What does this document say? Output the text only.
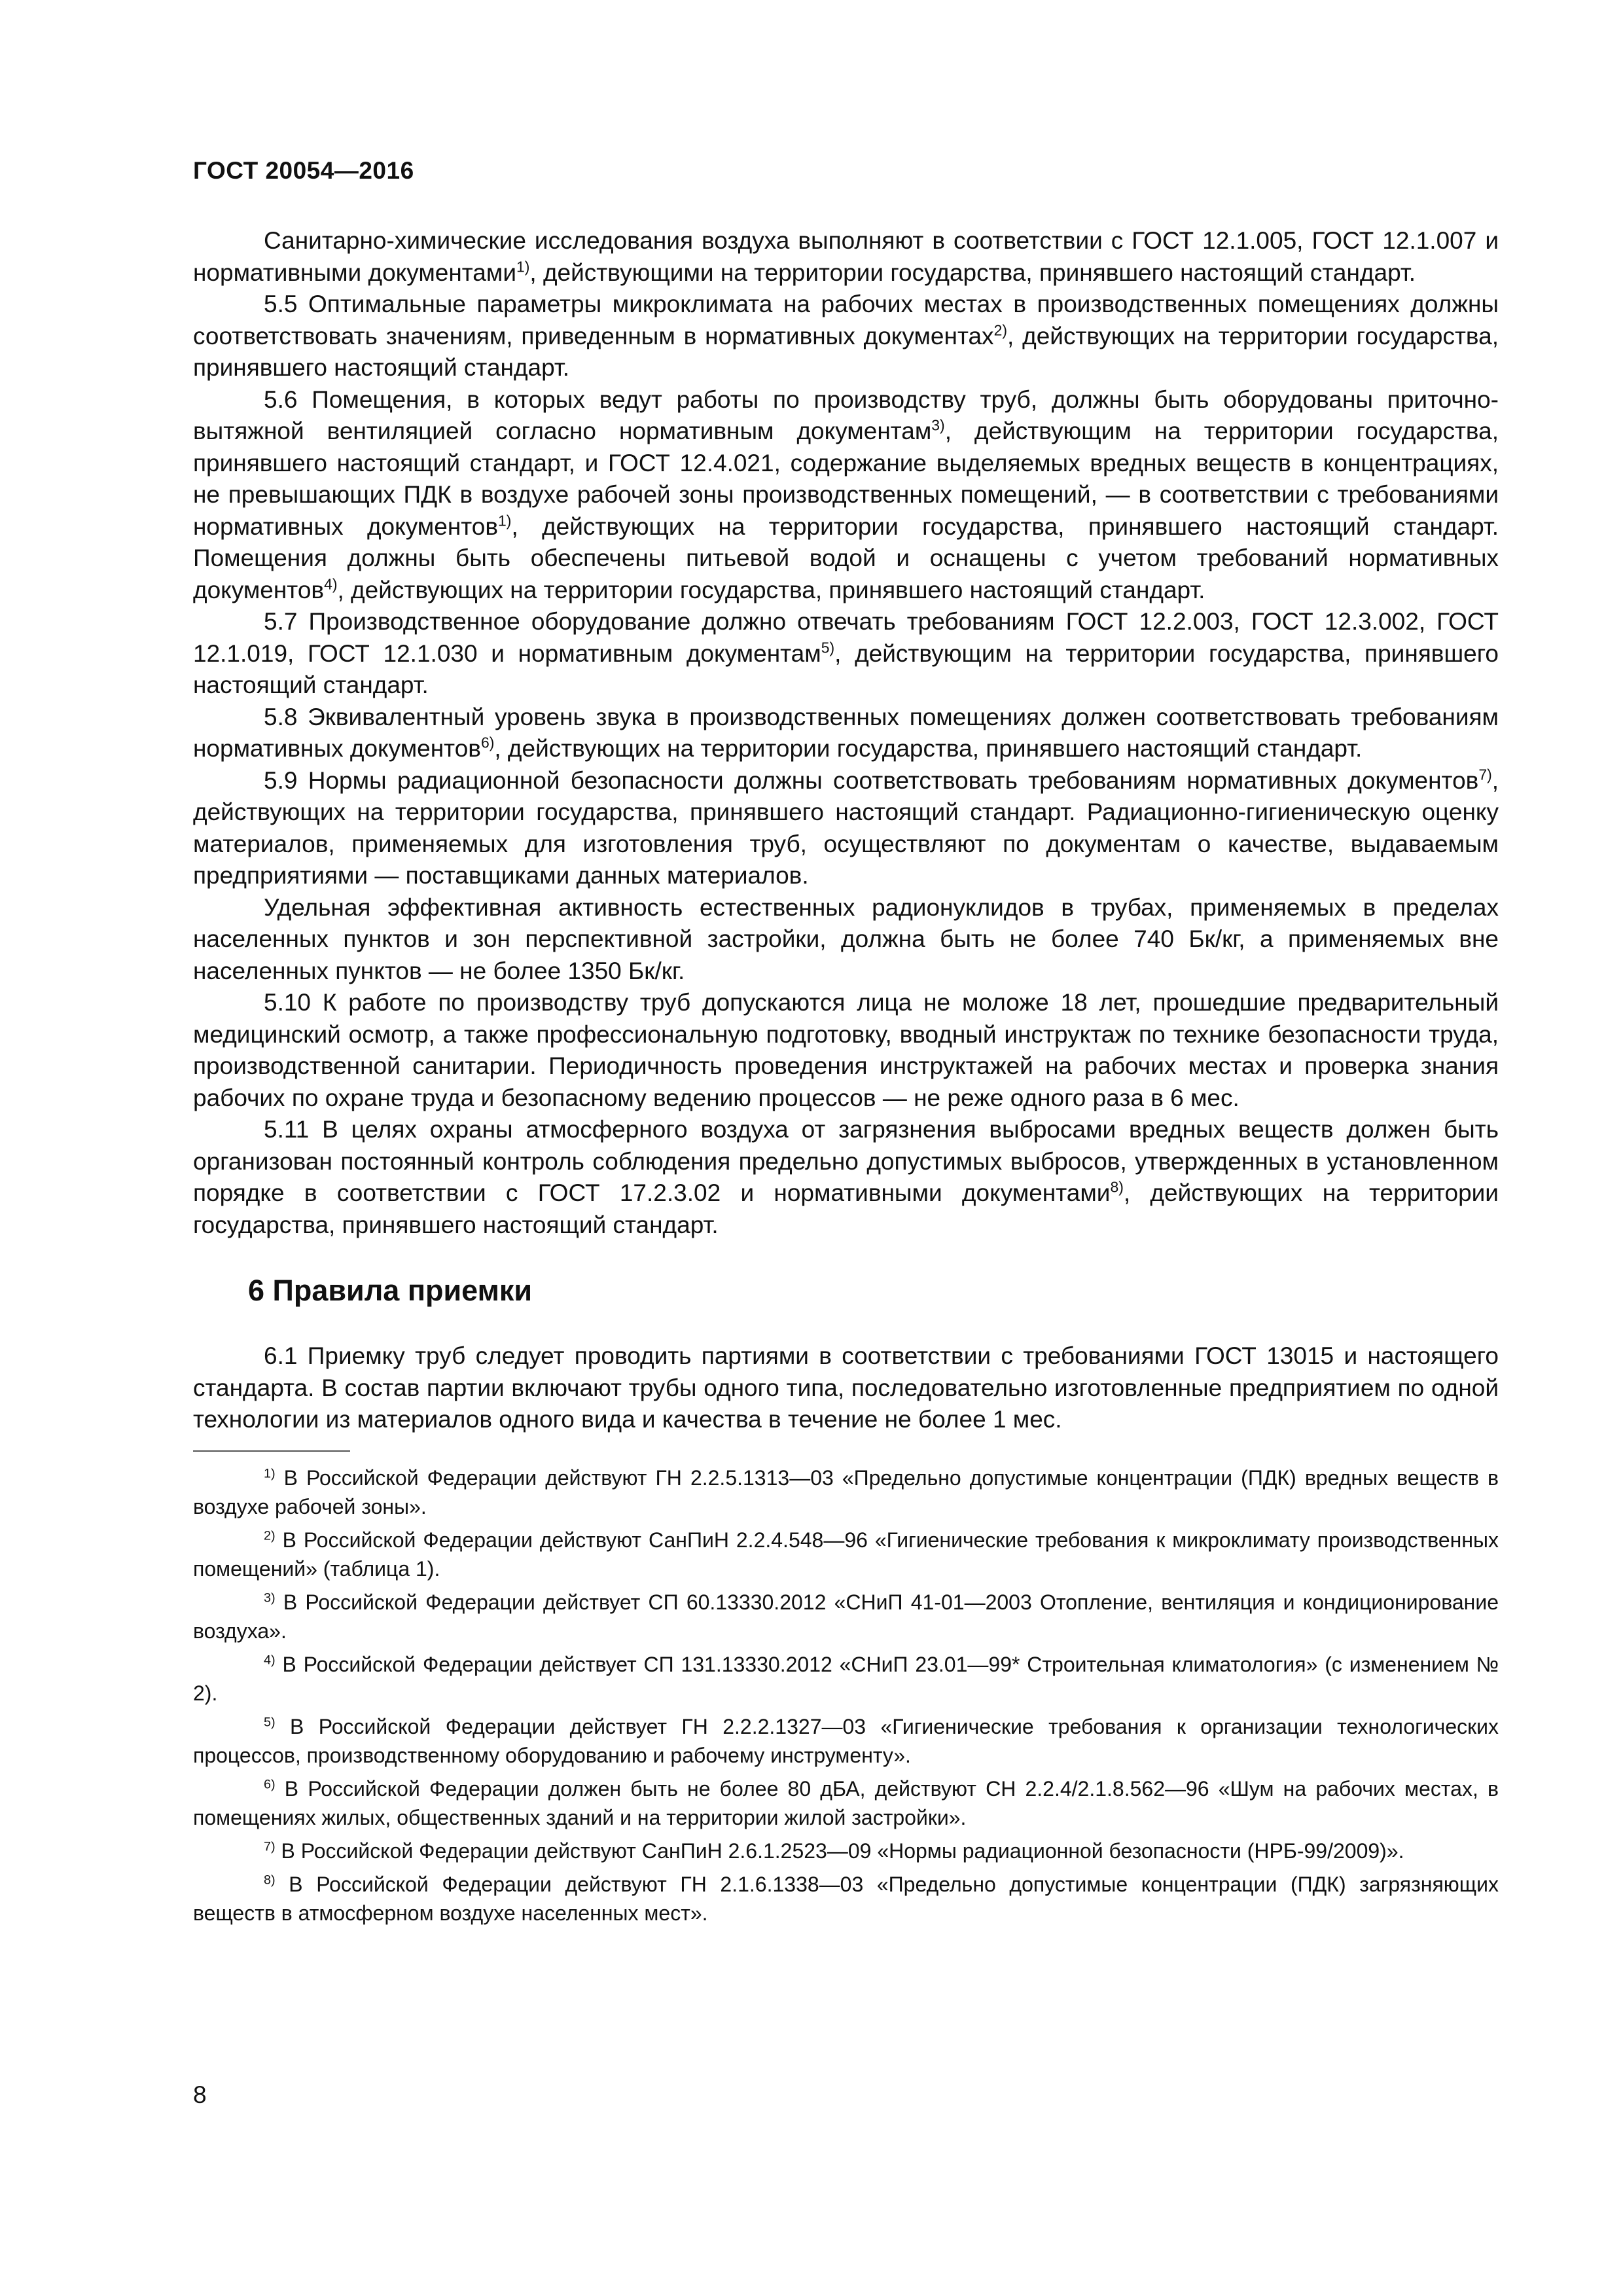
ГОСТ 20054—2016

Санитарно-химические исследования воздуха выполняют в соответствии с ГОСТ 12.1.005, ГОСТ 12.1.007 и нормативными документами$^{1)}$, действующими на территории государства, принявшего настоящий стандарт.

5.5 Оптимальные параметры микроклимата на рабочих местах в производственных помещениях должны соответствовать значениям, приведенным в нормативных документах$^{2)}$, действующих на территории государства, принявшего настоящий стандарт.

5.6 Помещения, в которых ведут работы по производству труб, должны быть оборудованы приточно-вытяжной вентиляцией согласно нормативным документам$^{3)}$, действующим на территории государства, принявшего настоящий стандарт, и ГОСТ 12.4.021, содержание выделяемых вредных веществ в концентрациях, не превышающих ПДК в воздухе рабочей зоны производственных помещений, — в соответствии с требованиями нормативных документов$^{1)}$, действующих на территории государства, принявшего настоящий стандарт. Помещения должны быть обеспечены питьевой водой и оснащены с учетом требований нормативных документов$^{4)}$, действующих на территории государства, принявшего настоящий стандарт.

5.7 Производственное оборудование должно отвечать требованиям ГОСТ 12.2.003, ГОСТ 12.3.002, ГОСТ 12.1.019, ГОСТ 12.1.030 и нормативным документам$^{5)}$, действующим на территории государства, принявшего настоящий стандарт.

5.8 Эквивалентный уровень звука в производственных помещениях должен соответствовать требованиям нормативных документов$^{6)}$, действующих на территории государства, принявшего настоящий стандарт.

5.9 Нормы радиационной безопасности должны соответствовать требованиям нормативных документов$^{7)}$, действующих на территории государства, принявшего настоящий стандарт. Радиационно-гигиеническую оценку материалов, применяемых для изготовления труб, осуществляют по документам о качестве, выдаваемым предприятиями — поставщиками данных материалов.

Удельная эффективная активность естественных радионуклидов в трубах, применяемых в пределах населенных пунктов и зон перспективной застройки, должна быть не более 740 Бк/кг, а применяемых вне населенных пунктов — не более 1350 Бк/кг.

5.10 К работе по производству труб допускаются лица не моложе 18 лет, прошедшие предварительный медицинский осмотр, а также профессиональную подготовку, вводный инструктаж по технике безопасности труда, производственной санитарии. Периодичность проведения инструктажей на рабочих местах и проверка знания рабочих по охране труда и безопасному ведению процессов — не реже одного раза в 6 мес.

5.11 В целях охраны атмосферного воздуха от загрязнения выбросами вредных веществ должен быть организован постоянный контроль соблюдения предельно допустимых выбросов, утвержденных в установленном порядке в соответствии с ГОСТ 17.2.3.02 и нормативными документами$^{8)}$, действующих на территории государства, принявшего настоящий стандарт.

6 Правила приемки

6.1 Приемку труб следует проводить партиями в соответствии с требованиями ГОСТ 13015 и настоящего стандарта. В состав партии включают трубы одного типа, последовательно изготовленные предприятием по одной технологии из материалов одного вида и качества в течение не более 1 мес.

$^{1)}$ В Российской Федерации действуют ГН 2.2.5.1313—03 «Предельно допустимые концентрации (ПДК) вредных веществ в воздухе рабочей зоны».

$^{2)}$ В Российской Федерации действуют СанПиН 2.2.4.548—96 «Гигиенические требования к микроклимату производственных помещений» (таблица 1).

$^{3)}$ В Российской Федерации действует СП 60.13330.2012 «СНиП 41-01—2003 Отопление, вентиляция и кондиционирование воздуха».

$^{4)}$ В Российской Федерации действует СП 131.13330.2012 «СНиП 23.01—99* Строительная климатология» (с изменением № 2).

$^{5)}$ В Российской Федерации действует ГН 2.2.2.1327—03 «Гигиенические требования к организации технологических процессов, производственному оборудованию и рабочему инструменту».

$^{6)}$ В Российской Федерации должен быть не более 80 дБА, действуют СН 2.2.4/2.1.8.562—96 «Шум на рабочих местах, в помещениях жилых, общественных зданий и на территории жилой застройки».

$^{7)}$ В Российской Федерации действуют СанПиН 2.6.1.2523—09 «Нормы радиационной безопасности (НРБ-99/2009)».

$^{8)}$ В Российской Федерации действуют ГН 2.1.6.1338—03 «Предельно допустимые концентрации (ПДК) загрязняющих веществ в атмосферном воздухе населенных мест».

8
